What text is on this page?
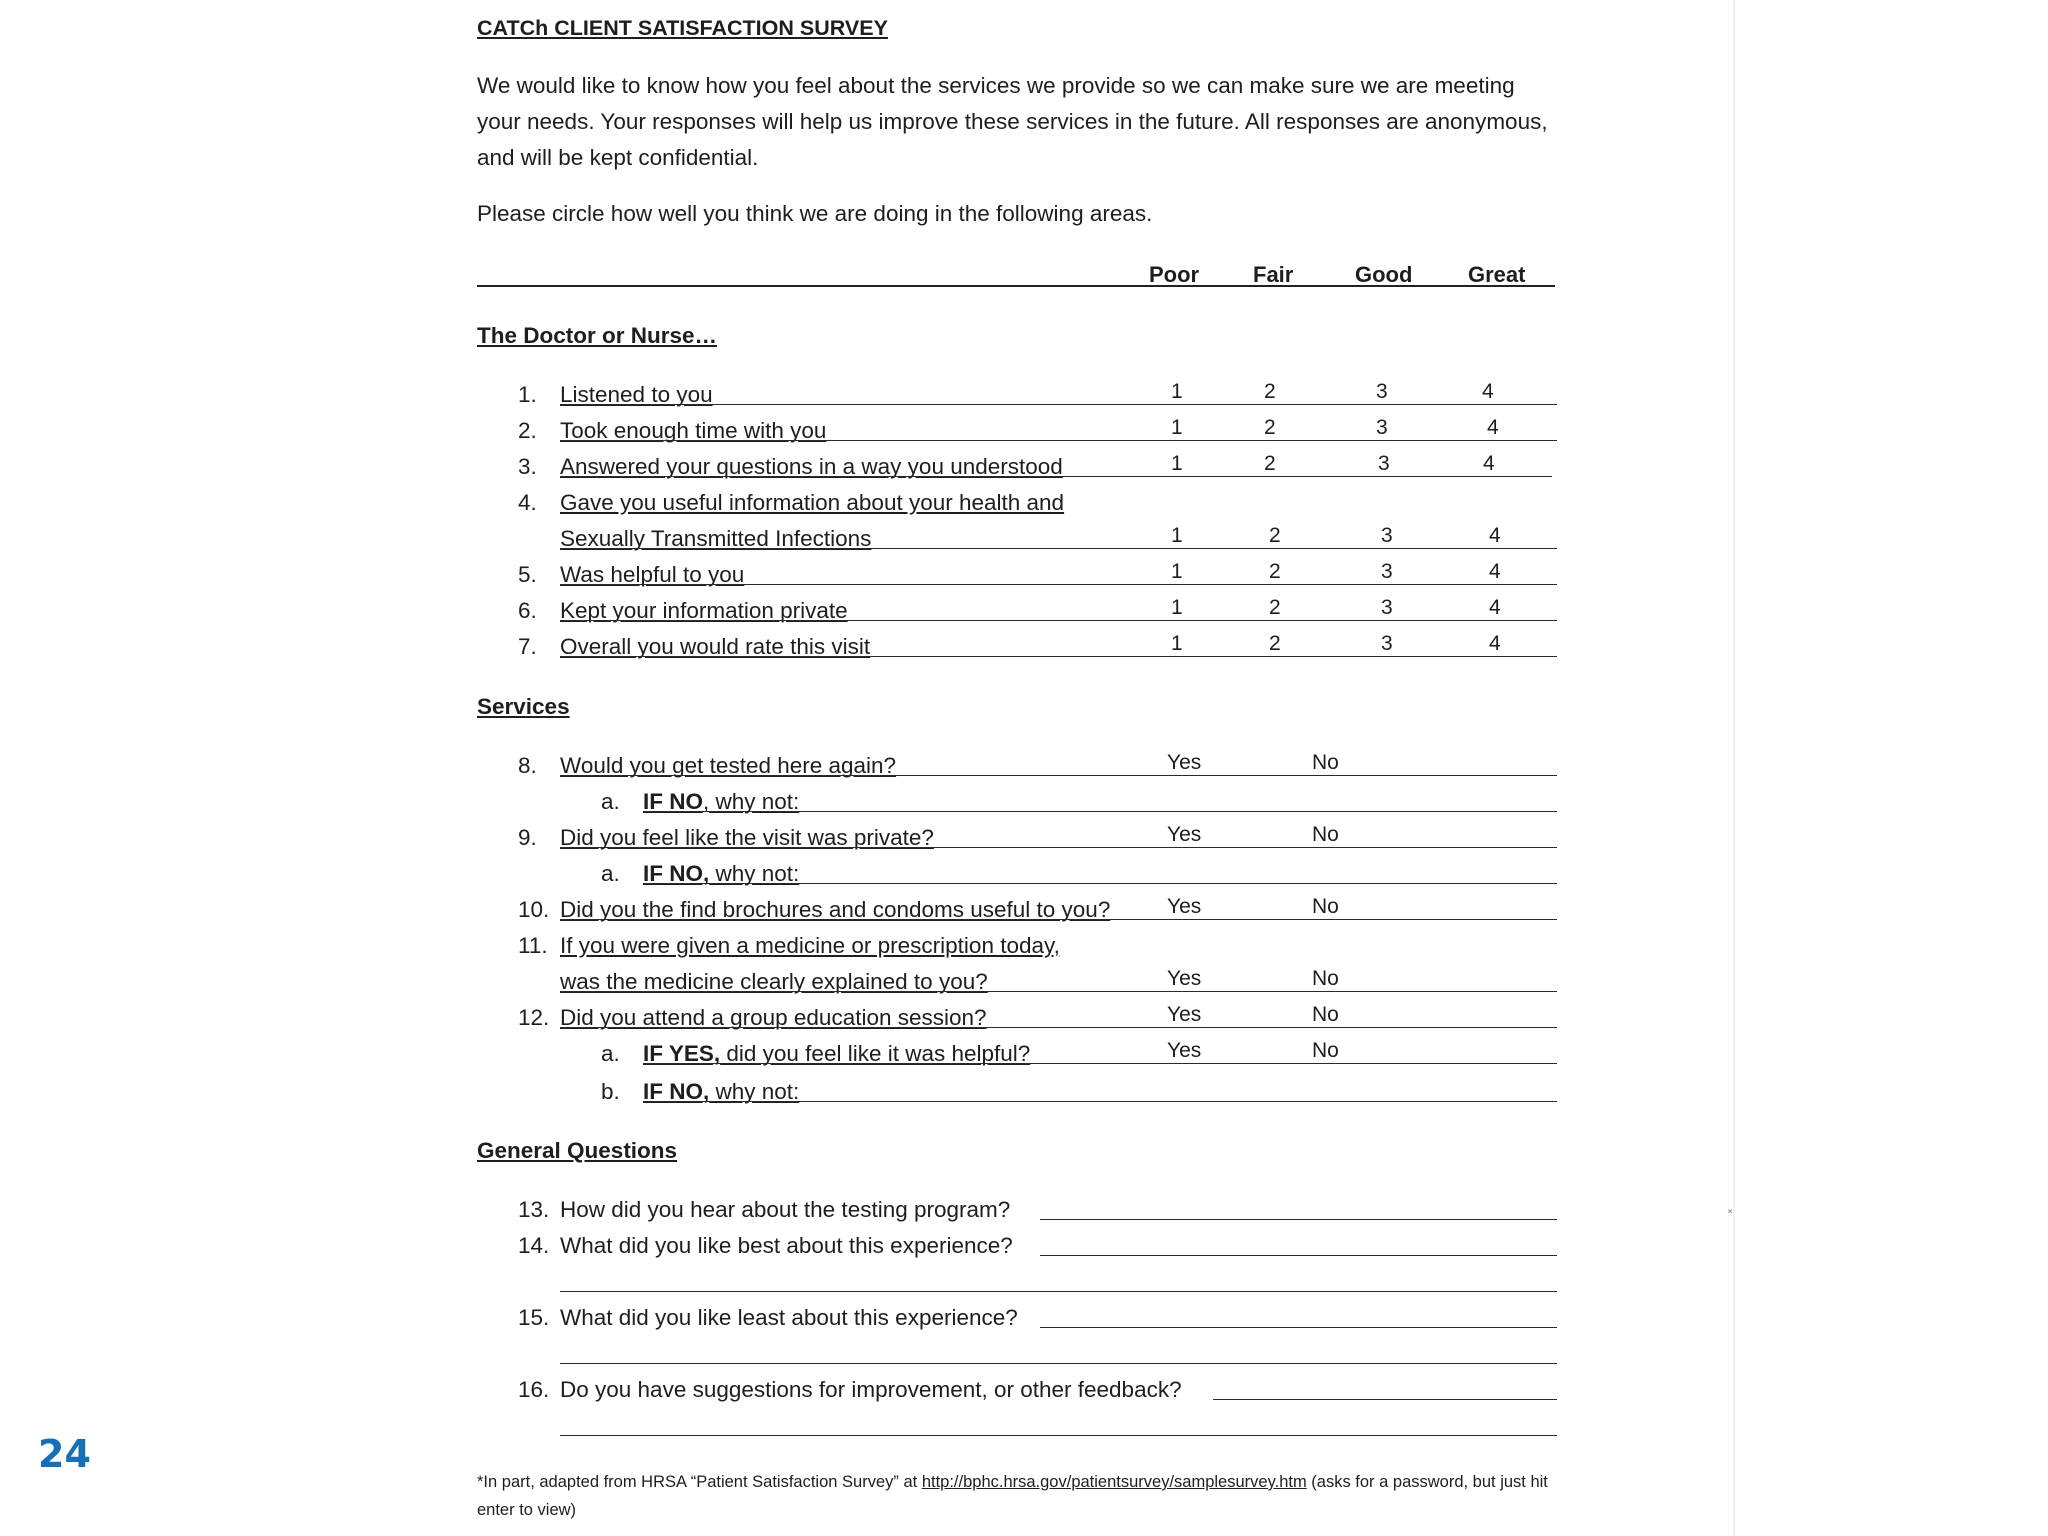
˟
24
CATCh CLIENT SATISFACTION SURVEY
We would like to know how you feel about the services we provide so we can make sure we are meeting your needs. Your responses will help us improve these services in the future. All responses are anonymous, and will be kept confidential.
Please circle how well you think we are doing in the following areas.
Poor Fair	Good	Great
The Doctor or Nurse…
1. Listened to you	1	2	3	4
2. Took enough time with you	1	2	3	4
3. Answered your questions in a way you understood	1	2	3	4
4. Gave you useful information about your health and
Sexually Transmitted Infections	1	2	3	4
5. Was helpful to you	1	2	3	4
6. Kept your information private	1	2	3	4
7. Overall you would rate this visit	1	2	3	4
Services
8. Would you get tested here again?	Yes	No
a. IF NO, why not:
9. Did you feel like the visit was private?	Yes	No
a. IF NO, why not:
10. Did you the find brochures and condoms useful to you?	Yes	No
11. If you were given a medicine or prescription today,
was the medicine clearly explained to you?	Yes	No
12. Did you attend a group education session?	Yes	No
a. IF YES, did you feel like it was helpful?	Yes	No
b. IF NO, why not:
General Questions
13. How did you hear about the testing program?
14. What did you like best about this experience?
15. What did you like least about this experience?
16. Do you have suggestions for improvement, or other feedback?
*In part, adapted from HRSA “Patient Satisfaction Survey” at http://bphc.hrsa.gov/patientsurvey/samplesurvey.htm (asks for a password, but just hit enter to view)
